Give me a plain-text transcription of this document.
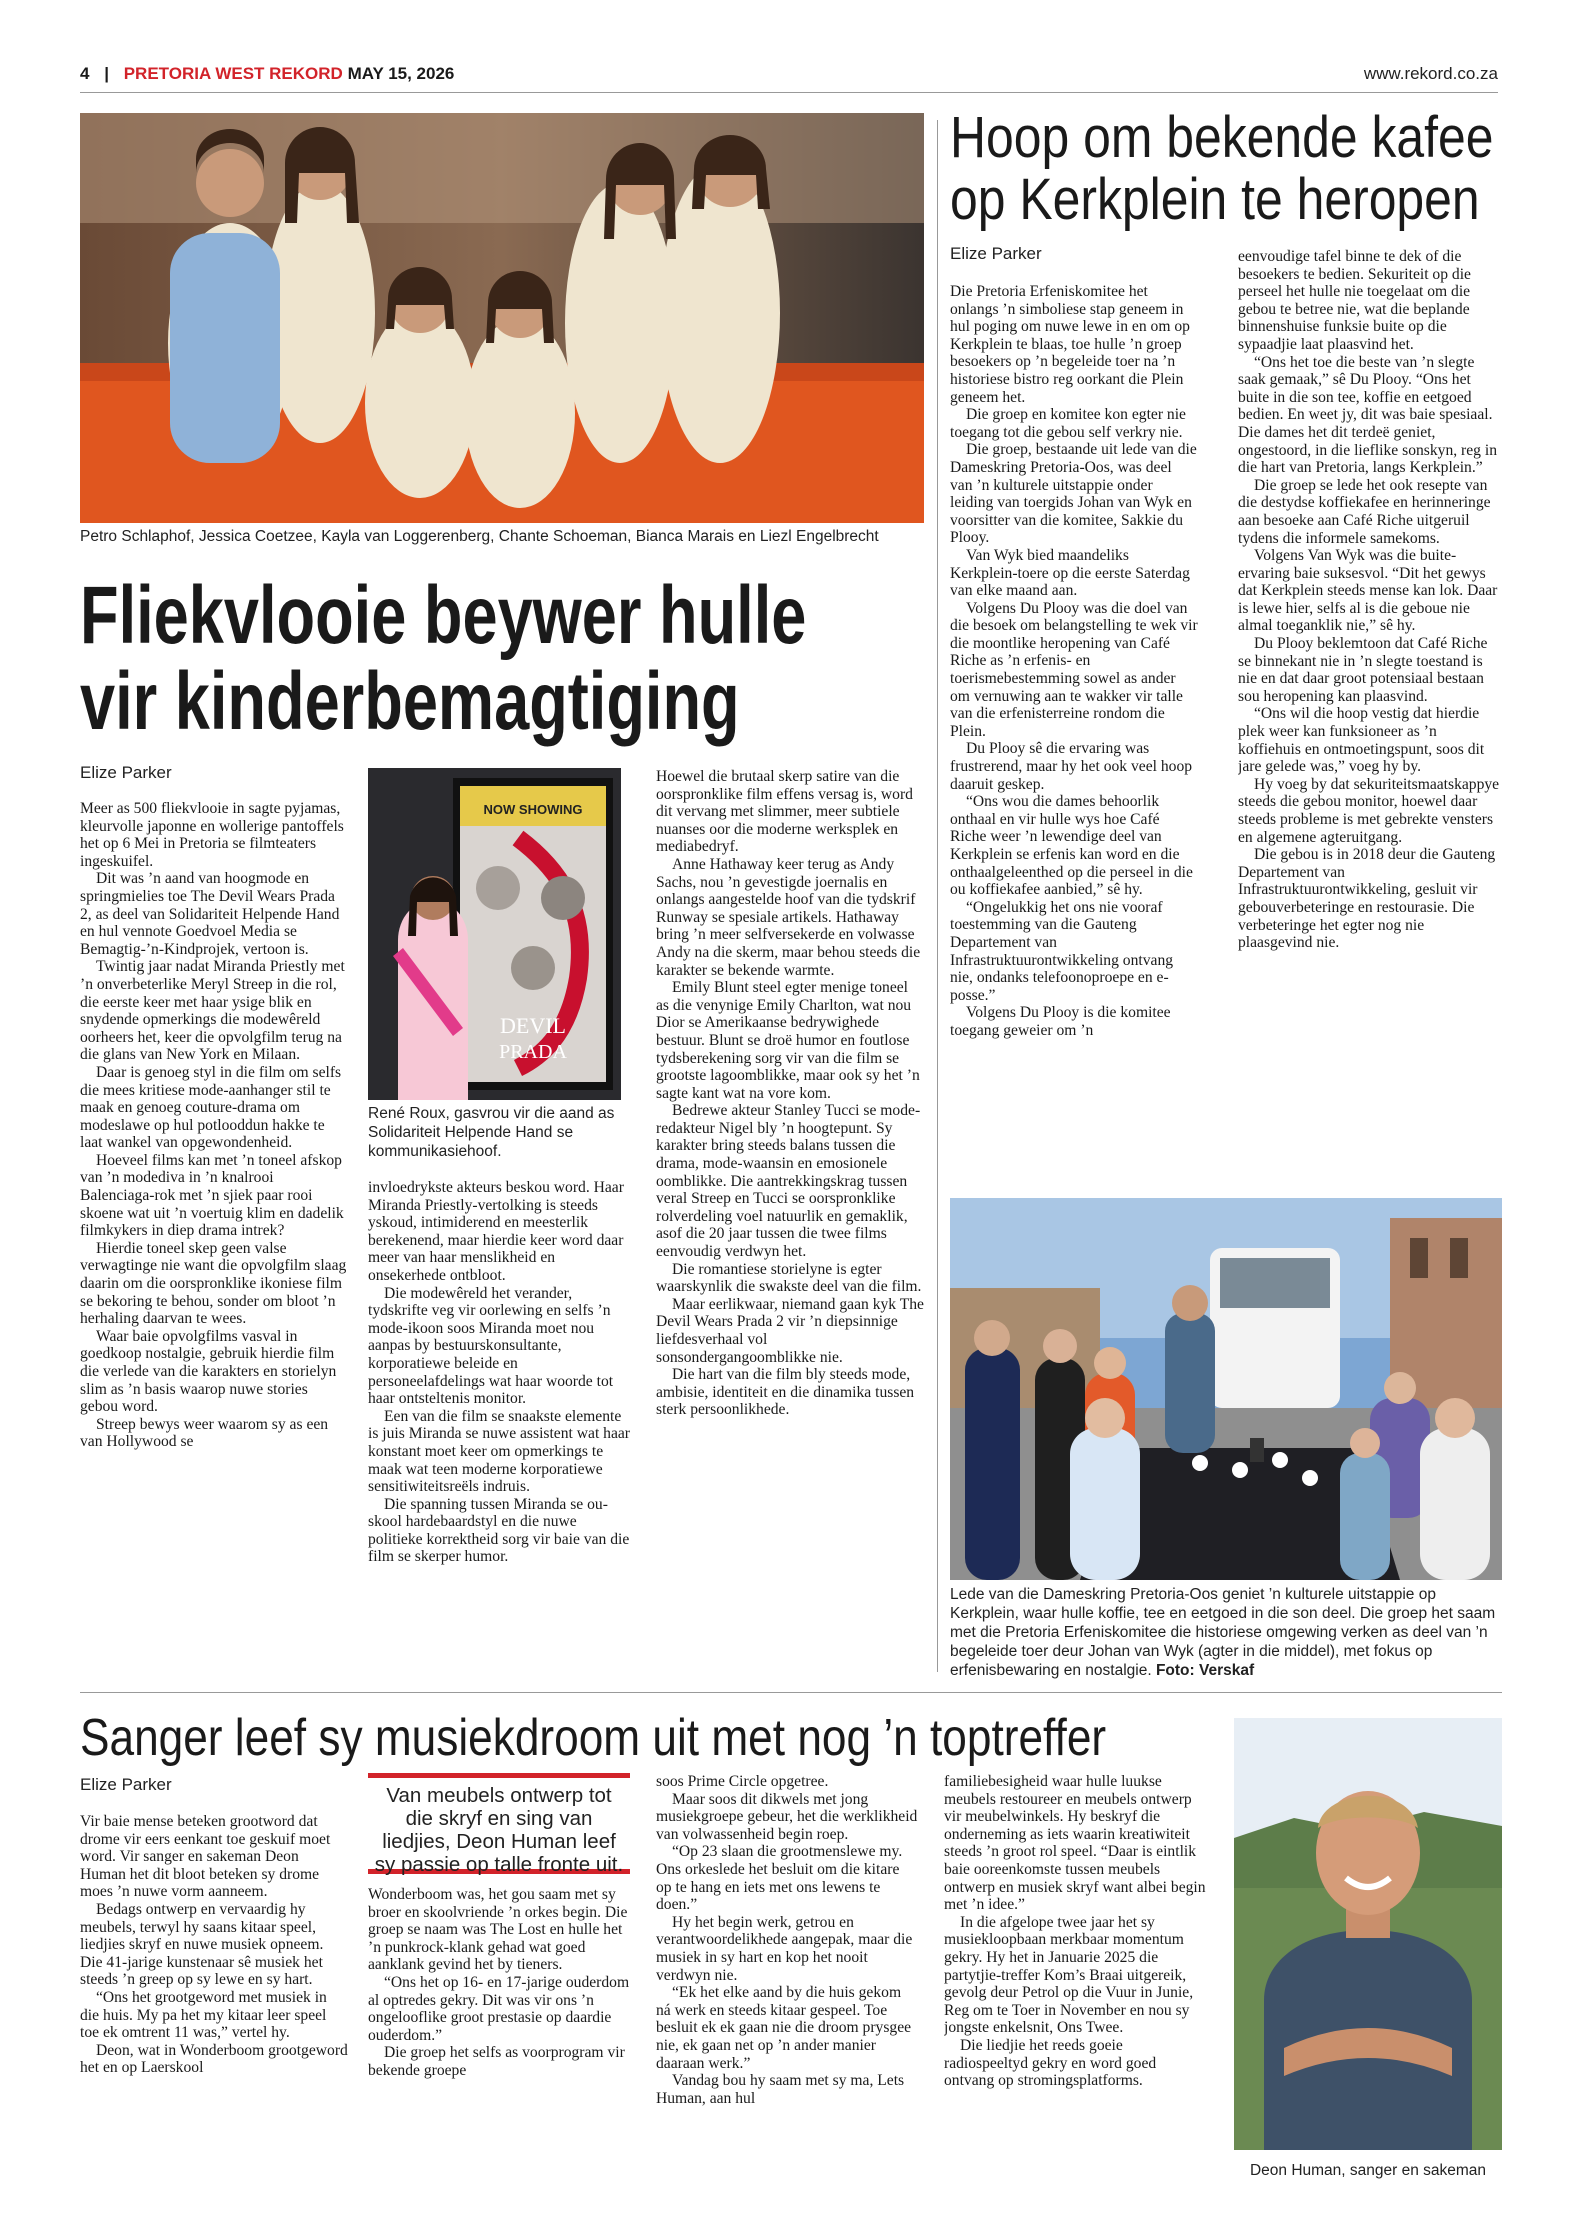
4 | PRETORIA WEST REKORD MAY 15, 2026	www.rekord.co.za
Petro Schlaphof, Jessica Coetzee, Kayla van Loggerenberg, Chante Schoeman, Bianca Marais en Liezl Engelbrecht
Fliekvlooie beywer hulle
vir kinderbemagtiging
Elize Parker

Meer as 500 fliekvlooie in sagte pyjamas, kleurvolle japonne en wollerige pantoffels het op 6 Mei in Pretoria se filmteaters ingeskuifel.

Dit was ’n aand van hoogmode en springmielies toe The Devil Wears Prada 2, as deel van Solidariteit Helpende Hand en hul vennote Goedvoel Media se Bemagtig-’n-Kindprojek, vertoon is.

Twintig jaar nadat Miranda Priestly met ’n onverbeterlike Meryl Streep in die rol, die eerste keer met haar ysige blik en snydende opmerkings die modewêreld oorheers het, keer die opvolgfilm terug na die glans van New York en Milaan.

Daar is genoeg styl in die film om selfs die mees kritiese mode-aanhanger stil te maak en genoeg couture-drama om modeslawe op hul potlooddun hakke te laat wankel van opgewondenheid.

Hoeveel films kan met ’n toneel afskop van ’n modediva in ’n knalrooi Balenciaga-rok met ’n sjiek paar rooi skoene wat uit ’n voertuig klim en dadelik filmkykers in diep drama intrek?

Hierdie toneel skep geen valse verwagtinge nie want die opvolgfilm slaag daarin om die oorspronklike ikoniese film se bekoring te behou, sonder om bloot ’n herhaling daarvan te wees.

Waar baie opvolgfilms vasval in goedkoop nostalgie, gebruik hierdie film die verlede van die karakters en storielyn slim as ’n basis waarop nuwe stories gebou word.

Streep bewys weer waarom sy as een van Hollywood se

NOW SHOWING
DEVIL
PRADA
René Roux, gasvrou vir die aand as Solidariteit Helpende Hand se kommunikasiehoof.

invloedrykste akteurs beskou word. Haar Miranda Priestly-vertolking is steeds yskoud, intimiderend en meesterlik berekenend, maar hierdie keer word daar meer van haar menslikheid en onsekerhede ontbloot.

Die modewêreld het verander, tydskrifte veg vir oorlewing en selfs ’n mode-ikoon soos Miranda moet nou aanpas by bestuurskonsultante, korporatiewe beleide en personeelafdelings wat haar woorde tot haar ontsteltenis monitor.

Een van die film se snaakste elemente is juis Miranda se nuwe assistent wat haar konstant moet keer om opmerkings te maak wat teen moderne korporatiewe sensitiwiteitsreëls indruis.

Die spanning tussen Miranda se ou-skool hardebaardstyl en die nuwe politieke korrektheid sorg vir baie van die film se skerper humor.

Hoewel die brutaal skerp satire van die oorspronklike film effens versag is, word dit vervang met slimmer, meer subtiele nuanses oor die moderne werksplek en mediabedryf.

Anne Hathaway keer terug as Andy Sachs, nou ’n gevestigde joernalis en onlangs aangestelde hoof van die tydskrif Runway se spesiale artikels. Hathaway bring ’n meer selfversekerde en volwasse Andy na die skerm, maar behou steeds die karakter se bekende warmte.

Emily Blunt steel egter menige toneel as die venynige Emily Charlton, wat nou Dior se Amerikaanse bedrywighede bestuur. Blunt se droë humor en foutlose tydsberekening sorg vir van die film se grootste lagoomblikke, maar ook sy het ’n sagte kant wat na vore kom.

Bedrewe akteur Stanley Tucci se mode-redakteur Nigel bly ’n hoogtepunt. Sy karakter bring steeds balans tussen die drama, mode-waansin en emosionele oomblikke. Die aantrekkingskrag tussen veral Streep en Tucci se oorspronklike rolverdeling voel natuurlik en gemaklik, asof die 20 jaar tussen die twee films eenvoudig verdwyn het.

Die romantiese storielyne is egter waarskynlik die swakste deel van die film.

Maar eerlikwaar, niemand gaan kyk The Devil Wears Prada 2 vir ’n diepsinnige liefdesverhaal vol sonsondergangoomblikke nie.

Die hart van die film bly steeds mode, ambisie, identiteit en die dinamika tussen sterk persoonlikhede.

Hoop om bekende kafee
op Kerkplein te heropen
Elize Parker

Die Pretoria Erfeniskomitee het onlangs ’n simboliese stap geneem in hul poging om nuwe lewe in en om op Kerkplein te blaas, toe hulle ’n groep besoekers op ’n begeleide toer na ’n historiese bistro reg oorkant die Plein geneem het.

Die groep en komitee kon egter nie toegang tot die gebou self verkry nie.

Die groep, bestaande uit lede van die Dameskring Pretoria-Oos, was deel van ’n kulturele uitstappie onder leiding van toergids Johan van Wyk en voorsitter van die komitee, Sakkie du Plooy.

Van Wyk bied maandeliks Kerkplein-toere op die eerste Saterdag van elke maand aan.

Volgens Du Plooy was die doel van die besoek om belangstelling te wek vir die moontlike heropening van Café Riche as ’n erfenis- en toerismebestemming sowel as ander om vernuwing aan te wakker vir talle van die erfenisterreine rondom die Plein.

Du Plooy sê die ervaring was frustrerend, maar hy het ook veel hoop daaruit geskep.

“Ons wou die dames behoorlik onthaal en vir hulle wys hoe Café Riche weer ’n lewendige deel van Kerkplein se erfenis kan word en die onthaalgeleenthed op die perseel in die ou koffiekafee aanbied,” sê hy.

“Ongelukkig het ons nie vooraf toestemming van die Gauteng Departement van Infrastruktuurontwikkeling ontvang nie, ondanks telefoonoproepe en e-posse.”

Volgens Du Plooy is die komitee toegang geweier om ’n

eenvoudige tafel binne te dek of die besoekers te bedien. Sekuriteit op die perseel het hulle nie toegelaat om die gebou te betree nie, wat die beplande binnenshuise funksie buite op die sypaadjie laat plaasvind het.

“Ons het toe die beste van ’n slegte saak gemaak,” sê Du Plooy. “Ons het buite in die son tee, koffie en eetgoed bedien. En weet jy, dit was baie spesiaal. Die dames het dit terdeë geniet, ongestoord, in die lieflike sonskyn, reg in die hart van Pretoria, langs Kerkplein.”

Die groep se lede het ook resepte van die destydse koffiekafee en herinneringe aan besoeke aan Café Riche uitgeruil tydens die informele samekoms.

Volgens Van Wyk was die buite-ervaring baie suksesvol. “Dit het gewys dat Kerkplein steeds mense kan lok. Daar is lewe hier, selfs al is die geboue nie almal toeganklik nie,” sê hy.

Du Plooy beklemtoon dat Café Riche se binnekant nie in ’n slegte toestand is nie en dat daar groot potensiaal bestaan sou heropening kan plaasvind.

“Ons wil die hoop vestig dat hierdie plek weer kan funksioneer as ’n koffiehuis en ontmoetingspunt, soos dit jare gelede was,” voeg hy by.

Hy voeg by dat sekuriteitsmaatskappye steeds die gebou monitor, hoewel daar steeds probleme is met gebrekte vensters en algemene agteruitgang.

Die gebou is in 2018 deur die Gauteng Departement van Infrastruktuurontwikkeling, gesluit vir gebouverbeteringe en restourasie. Die verbeteringe het egter nog nie plaasgevind nie.

Lede van die Dameskring Pretoria-Oos geniet ’n kulturele uitstappie op Kerkplein, waar hulle koffie, tee en eetgoed in die son deel. Die groep het saam met die Pretoria Erfeniskomitee die historiese omgewing verken as deel van ’n begeleide toer deur Johan van Wyk (agter in die middel), met fokus op erfenisbewaring en nostalgie. Foto: Verskaf
Sanger leef sy musiekdroom uit met nog ’n toptreffer
Elize Parker

Vir baie mense beteken grootword dat drome vir eers eenkant toe geskuif moet word. Vir sanger en sakeman Deon Human het dit bloot beteken sy drome moes ’n nuwe vorm aanneem.

Bedags ontwerp en vervaardig hy meubels, terwyl hy saans kitaar speel, liedjies skryf en nuwe musiek opneem. Die 41-jarige kunstenaar sê musiek het steeds ’n greep op sy lewe en sy hart.

“Ons het grootgeword met musiek in die huis. My pa het my kitaar leer speel toe ek omtrent 11 was,” vertel hy.

Deon, wat in Wonderboom grootgeword het en op Laerskool

Van meubels ontwerp tot die skryf en sing van liedjies, Deon Human leef sy passie op talle fronte uit.

Wonderboom was, het gou saam met sy broer en skoolvriende ’n orkes begin. Die groep se naam was The Lost en hulle het ’n punkrock-klank gehad wat goed aanklank gevind het by tieners.

“Ons het op 16- en 17-jarige ouderdom al optredes gekry. Dit was vir ons ’n ongelooflike groot prestasie op daardie ouderdom.”

Die groep het selfs as voorprogram vir bekende groepe

soos Prime Circle opgetree.

Maar soos dit dikwels met jong musiekgroepe gebeur, het die werklikheid van volwassenheid begin roep.

“Op 23 slaan die grootmenslewe my. Ons orkeslede het besluit om die kitare op te hang en iets met ons lewens te doen.”

Hy het begin werk, getrou en verantwoordelikhede aangepak, maar die musiek in sy hart en kop het nooit verdwyn nie.

“Ek het elke aand by die huis gekom ná werk en steeds kitaar gespeel. Toe besluit ek ek gaan nie die droom prysgee nie, ek gaan net op ’n ander manier daaraan werk.”

Vandag bou hy saam met sy ma, Lets Human, aan hul

familiebesigheid waar hulle luukse meubels restoureer en meubels ontwerp vir meubelwinkels. Hy beskryf die onderneming as iets waarin kreatiwiteit steeds ’n groot rol speel. “Daar is eintlik baie ooreenkomste tussen meubels ontwerp en musiek skryf want albei begin met ’n idee.”

In die afgelope twee jaar het sy musiekloopbaan merkbaar momentum gekry. Hy het in Januarie 2025 die partytjie-treffer Kom’s Braai uitgereik, gevolg deur Petrol op die Vuur in Junie, Reg om te Toer in November en nou sy jongste enkelsnit, Ons Twee.

Die liedjie het reeds goeie radiospeeltyd gekry en word goed ontvang op stromingsplatforms.

Deon Human, sanger en sakeman
